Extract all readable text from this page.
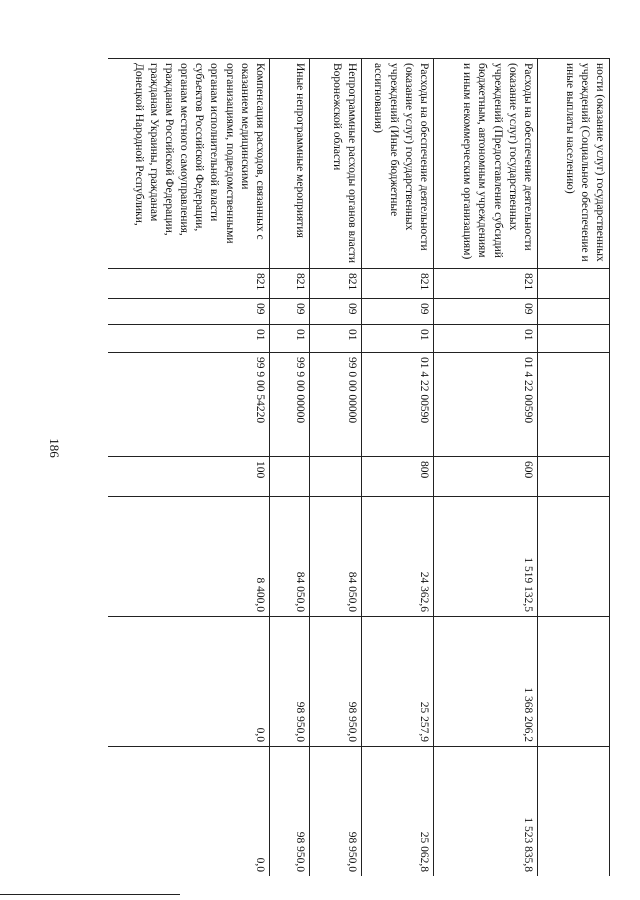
186
ности (оказание услуг) государственных учреждений (Социальное обеспечение и иные выплаты населению)								
Расходы на обеспечение деятельности (оказание услуг) государственных учреждений (Предоставление субсидий бюджетным, автономным учреждениям и иным некоммерческим организациям)	821	09	01	01 4 22 00590	600	1 519 132,5	1 368 206,2	1 523 835,8
Расходы на обеспечение деятельности (оказание услуг) государственных учреждений (Иные бюджетные ассигнования)	821	09	01	01 4 22 00590	800	24 362,6	25 257,9	25 062,8
Непрограммные расходы органов власти Воронежской области	821	09	01	99 0 00 00000		84 050,0	98 950,0	98 950,0
Иные непрограммные мероприятия	821	09	01	99 9 00 00000		84 050,0	98 950,0	98 950,0
Компенсация расходов, связанных с оказанием медицинскими организациями, подведомственными органам исполнительной власти субъектов Российской Федерации, органам местного самоуправления, гражданам Российской Федерации, гражданам Украины, гражданам Донецкой Народной Республики,	821	09	01	99 9 00 54220	100	8 400,0	0,0	0,0
